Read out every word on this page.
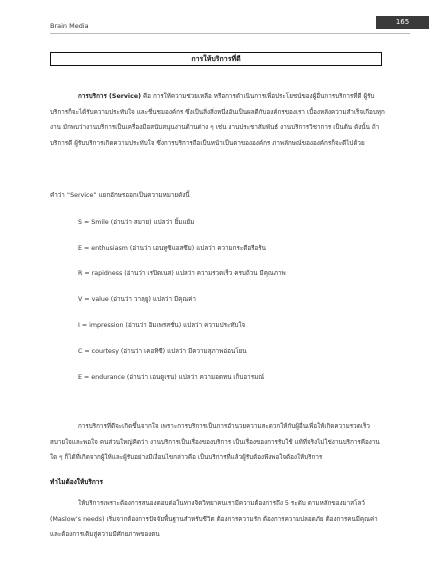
Brain Media	165
การให้บริการที่ดี

การบริการ (Service) คือ การให้ความช่วยเหลือ หรือการดำเนินการเพื่อประโยชน์ของผู้อื่นการบริการที่ดี ผู้รับบริการก็จะได้รับความประทับใจ และชื่นชมองค์กร ซึ่งเป็นสิ่งสิ่งหนึ่งอันเป็นผลดีกับองค์กรของเรา เบื้องหลังความสำเร็จเกือบทุกงาน มักพบว่างานบริการเป็นเครื่องมือสนับสนุนงานด้านต่าง ๆ เช่น งานประชาสัมพันธ์ งานบริการวิชาการ เป็นต้น ดังนั้น ถ้าบริการดี ผู้รับบริการเกิดความประทับใจ ซึ่งการบริการถือเป็นหน้าเป็นตาขององค์กร ภาพลักษณ์ขององค์กรก็จะดีไปด้วย

คำว่า “Service” แยกอักษรออกเป็นความหมายดังนี้
S = Smile (อ่านว่า สมาย) แปลว่า ยิ้มแย้ม
E = enthusiasm (อ่านว่า เอนทูซิแอสซึม) แปลว่า ความกระตือรือร้น
R = rapidness (อ่านว่า เรปิดเนส) แปลว่า ความรวดเร็ว ครบถ้วน มีคุณภาพ
V = value (อ่านว่า วาลฺยู) แปลว่า มีคุณค่า
I = impression (อ่านว่า อิมเพรสชั่น) แปลว่า ความประทับใจ
C = courtesy (อ่านว่า เคอทิซี) แปลว่า มีความสุภาพอ่อนโยน
E = endurance (อ่านว่า เอนดูเรน) แปลว่า ความอดทน เก็บอารมณ์

การบริการที่ดีจะเกิดขึ้นจากใจ เพราะการบริการเป็นการอำนวยความสะดวกให้กับผู้อื่นเพื่อให้เกิดความรวดเร็ว สบายใจและพอใจ คนส่วนใหญ่คิดว่า งานบริการเป็นเรื่องของบริการ เป็นเรื่องของการรับใช้ แท้ที่จริงไม่ใช่งานบริการคืองานใด ๆ ก็ได้ที่เกิดจากผู้ให้และผู้รับอย่างมีเงื่อนไขกล่าวคือ เป็นบริการที่แล้วผู้รับต้องพึงพอใจต้องให้บริการ

ทำไมต้องให้บริการ

ให้บริการเพราะต้องการสนองตอบต่อในทางจิตวิทยาคนเรามีความต้องการถึง 5 ระดับ ตามหลักของมาสโลว์ (Maslow’s needs) เริ่มจากต้องการปัจจัยพื้นฐานสำหรับชีวิต ต้องการความรัก ต้องการความปลอดภัย ต้องการคนมีคุณค่า และต้องการเติมสู่ความมีศักยภาพของตน
